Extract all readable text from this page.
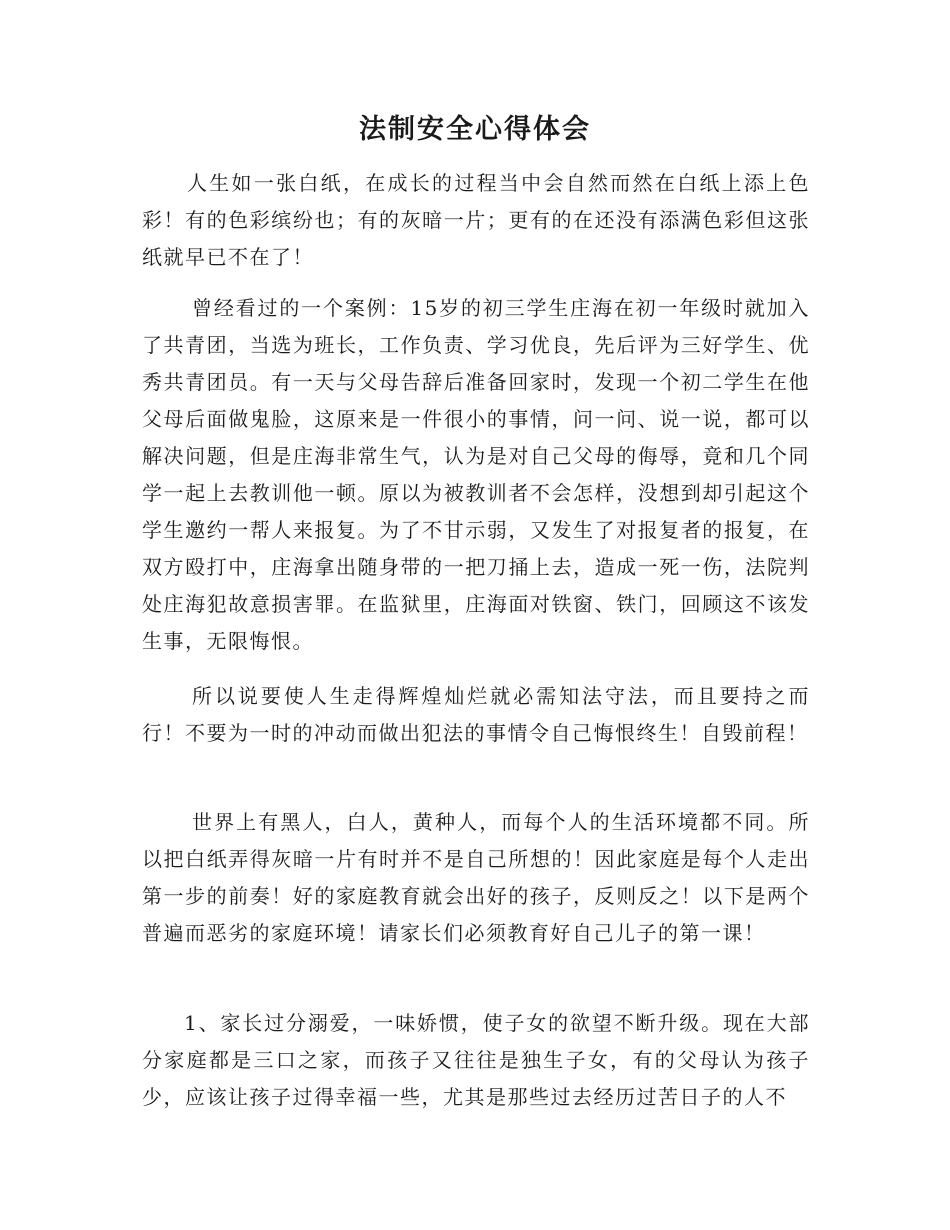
法制安全心得体会

人生如一张白纸，在成长的过程当中会自然而然在白纸上添上色彩！有的色彩缤纷也；有的灰暗一片；更有的在还没有添满色彩但这张纸就早已不在了！

曾经看过的一个案例：15岁的初三学生庄海在初一年级时就加入了共青团，当选为班长，工作负责、学习优良，先后评为三好学生、优秀共青团员。有一天与父母告辞后准备回家时，发现一个初二学生在他父母后面做鬼脸，这原来是一件很小的事情，问一问、说一说，都可以解决问题，但是庄海非常生气，认为是对自己父母的侮辱，竟和几个同学一起上去教训他一顿。原以为被教训者不会怎样，没想到却引起这个学生邀约一帮人来报复。为了不甘示弱，又发生了对报复者的报复，在双方殴打中，庄海拿出随身带的一把刀捅上去，造成一死一伤，法院判处庄海犯故意损害罪。在监狱里，庄海面对铁窗、铁门，回顾这不该发生事，无限悔恨。

所以说要使人生走得辉煌灿烂就必需知法守法，而且要持之而行！不要为一时的冲动而做出犯法的事情令自己悔恨终生！自毁前程！

世界上有黑人，白人，黄种人，而每个人的生活环境都不同。所以把白纸弄得灰暗一片有时并不是自己所想的！因此家庭是每个人走出第一步的前奏！好的家庭教育就会出好的孩子，反则反之！以下是两个普遍而恶劣的家庭环境！请家长们必须教育好自己儿子的第一课！

1、家长过分溺爱，一味娇惯，使子女的欲望不断升级。现在大部分家庭都是三口之家，而孩子又往往是独生子女，有的父母认为孩子少，应该让孩子过得幸福一些，尤其是那些过去经历过苦日子的人不
